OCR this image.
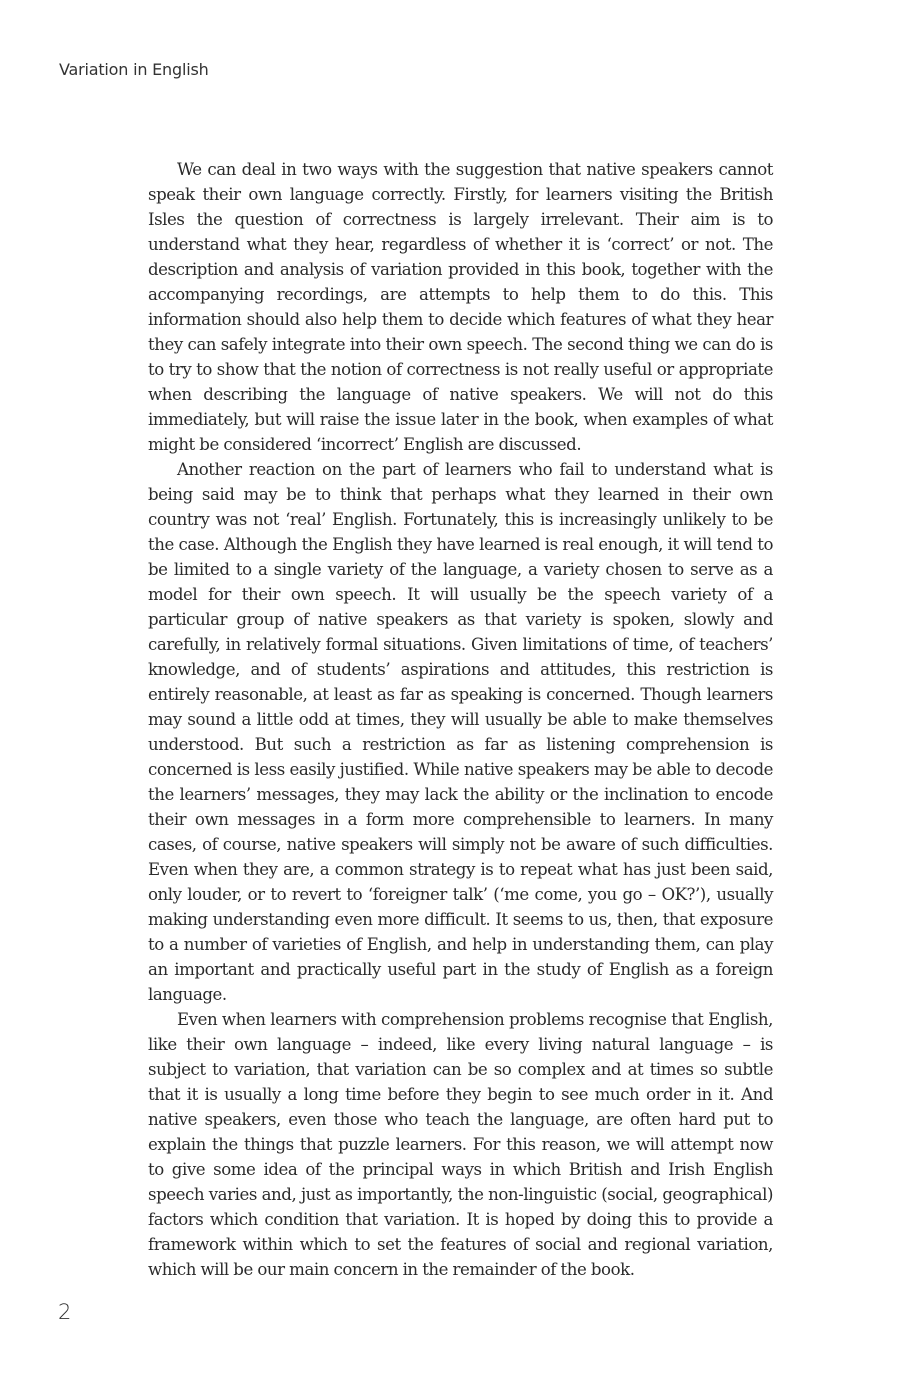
Variation in English

We can deal in two ways with the suggestion that native speakers cannot speak their own language correctly. Firstly, for learners visiting the British Isles the question of correctness is largely irrelevant. Their aim is to understand what they hear, regardless of whether it is ‘correct’ or not. The description and analysis of variation provided in this book, together with the accompanying recordings, are attempts to help them to do this. This information should also help them to decide which features of what they hear they can safely integrate into their own speech. The second thing we can do is to try to show that the notion of correctness is not really useful or appropriate when describing the language of native speakers. We will not do this immediately, but will raise the issue later in the book, when examples of what might be considered ‘incorrect’ English are discussed.

Another reaction on the part of learners who fail to understand what is being said may be to think that perhaps what they learned in their own country was not ‘real’ English. Fortunately, this is increasingly unlikely to be the case. Although the English they have learned is real enough, it will tend to be limited to a single variety of the language, a variety chosen to serve as a model for their own speech. It will usually be the speech variety of a particular group of native speakers as that variety is spoken, slowly and carefully, in relatively formal situations. Given limitations of time, of teachers’ knowledge, and of students’ aspirations and attitudes, this restriction is entirely reasonable, at least as far as speaking is concerned. Though learners may sound a little odd at times, they will usually be able to make themselves understood. But such a restriction as far as listening comprehension is concerned is less easily justified. While native speakers may be able to decode the learners’ messages, they may lack the ability or the inclination to encode their own messages in a form more comprehensible to learners. In many cases, of course, native speakers will simply not be aware of such difficulties. Even when they are, a common strategy is to repeat what has just been said, only louder, or to revert to ‘foreigner talk’ (‘me come, you go – OK?’), usually making understanding even more difficult. It seems to us, then, that exposure to a number of varieties of English, and help in understanding them, can play an important and practically useful part in the study of English as a foreign language.

Even when learners with comprehension problems recognise that English, like their own language – indeed, like every living natural language – is subject to variation, that variation can be so complex and at times so subtle that it is usually a long time before they begin to see much order in it. And native speakers, even those who teach the language, are often hard put to explain the things that puzzle learners. For this reason, we will attempt now to give some idea of the principal ways in which British and Irish English speech varies and, just as importantly, the non-linguistic (social, geographical) factors which condition that variation. It is hoped by doing this to provide a framework within which to set the features of social and regional variation, which will be our main concern in the remainder of the book.

2
